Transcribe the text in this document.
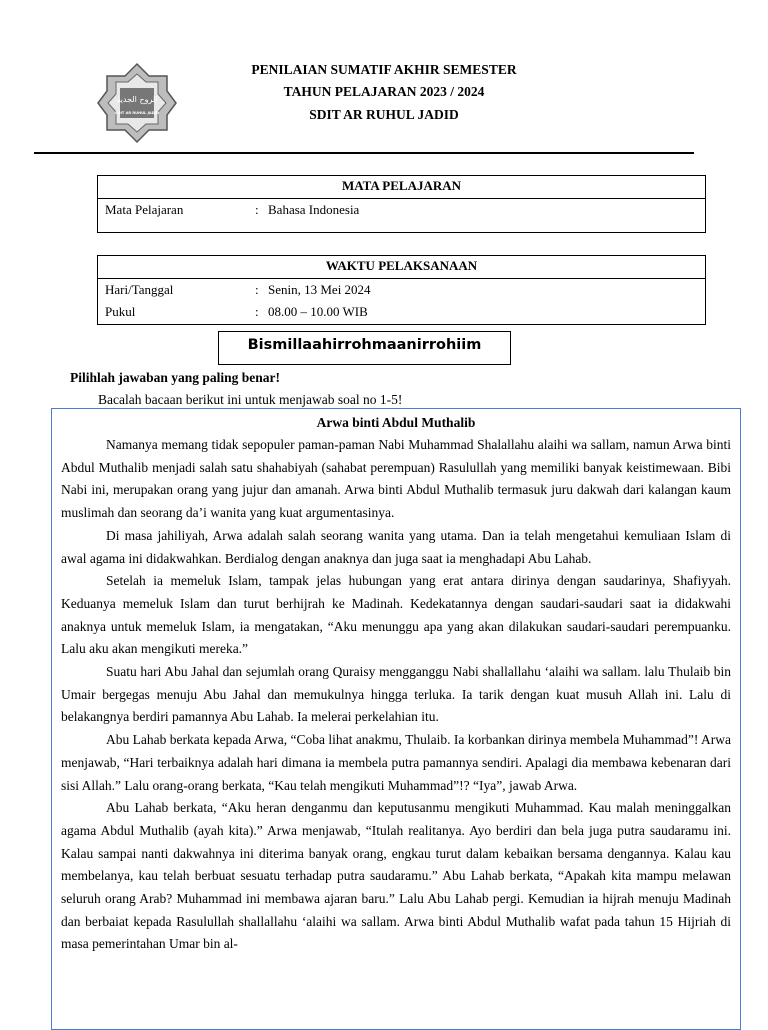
الروح الجديد
SDIT AR RUHUL JADID
PENILAIAN SUMATIF AKHIR SEMESTER
TAHUN PELAJARAN 2023 / 2024
SDIT AR RUHUL JADID
MATA PELAJARAN
Mata Pelajaran	: Bahasa Indonesia
WAKTU PELAKSANAAN
Hari/Tanggal	: Senin, 13 Mei 2024
Pukul	: 08.00 – 10.00 WIB
Bismillaahirrohmaanirrohiim
Pilihlah jawaban yang paling benar!
Bacalah bacaan berikut ini untuk menjawab soal no 1-5!
Arwa binti Abdul Muthalib

Namanya memang tidak sepopuler paman-paman Nabi Muhammad Shalallahu alaihi wa sallam, namun Arwa binti Abdul Muthalib menjadi salah satu shahabiyah (sahabat perempuan) Rasulullah yang memiliki banyak keistimewaan. Bibi Nabi ini, merupakan orang yang jujur dan amanah. Arwa binti Abdul Muthalib termasuk juru dakwah dari kalangan kaum muslimah dan seorang da’i wanita yang kuat argumentasinya.

Di masa jahiliyah, Arwa adalah salah seorang wanita yang utama. Dan ia telah mengetahui kemuliaan Islam di awal agama ini didakwahkan. Berdialog dengan anaknya dan juga saat ia menghadapi Abu Lahab.

Setelah ia memeluk Islam, tampak jelas hubungan yang erat antara dirinya dengan saudarinya, Shafiyyah. Keduanya memeluk Islam dan turut berhijrah ke Madinah. Kedekatannya dengan saudari-saudari saat ia didakwahi anaknya untuk memeluk Islam, ia mengatakan, “Aku menunggu apa yang akan dilakukan saudari-saudari perempuanku. Lalu aku akan mengikuti mereka.”

Suatu hari Abu Jahal dan sejumlah orang Quraisy mengganggu Nabi shallallahu ‘alaihi wa sallam. lalu Thulaib bin Umair bergegas menuju Abu Jahal dan memukulnya hingga terluka. Ia tarik dengan kuat musuh Allah ini. Lalu di belakangnya berdiri pamannya Abu Lahab. Ia melerai perkelahian itu.

Abu Lahab berkata kepada Arwa, “Coba lihat anakmu, Thulaib. Ia korbankan dirinya membela Muhammad”! Arwa menjawab, “Hari terbaiknya adalah hari dimana ia membela putra pamannya sendiri. Apalagi dia membawa kebenaran dari sisi Allah.” Lalu orang-orang berkata, “Kau telah mengikuti Muhammad”!? “Iya”, jawab Arwa.

Abu Lahab berkata, “Aku heran denganmu dan keputusanmu mengikuti Muhammad. Kau malah meninggalkan agama Abdul Muthalib (ayah kita).” Arwa menjawab, “Itulah realitanya. Ayo berdiri dan bela juga putra saudaramu ini. Kalau sampai nanti dakwahnya ini diterima banyak orang, engkau turut dalam kebaikan bersama dengannya. Kalau kau membelanya, kau telah berbuat sesuatu terhadap putra saudaramu.” Abu Lahab berkata, “Apakah kita mampu melawan seluruh orang Arab? Muhammad ini membawa ajaran baru.” Lalu Abu Lahab pergi. Kemudian ia hijrah menuju Madinah dan berbaiat kepada Rasulullah shallallahu ‘alaihi wa sallam. Arwa binti Abdul Muthalib wafat pada tahun 15 Hijriah di masa pemerintahan Umar bin al-
